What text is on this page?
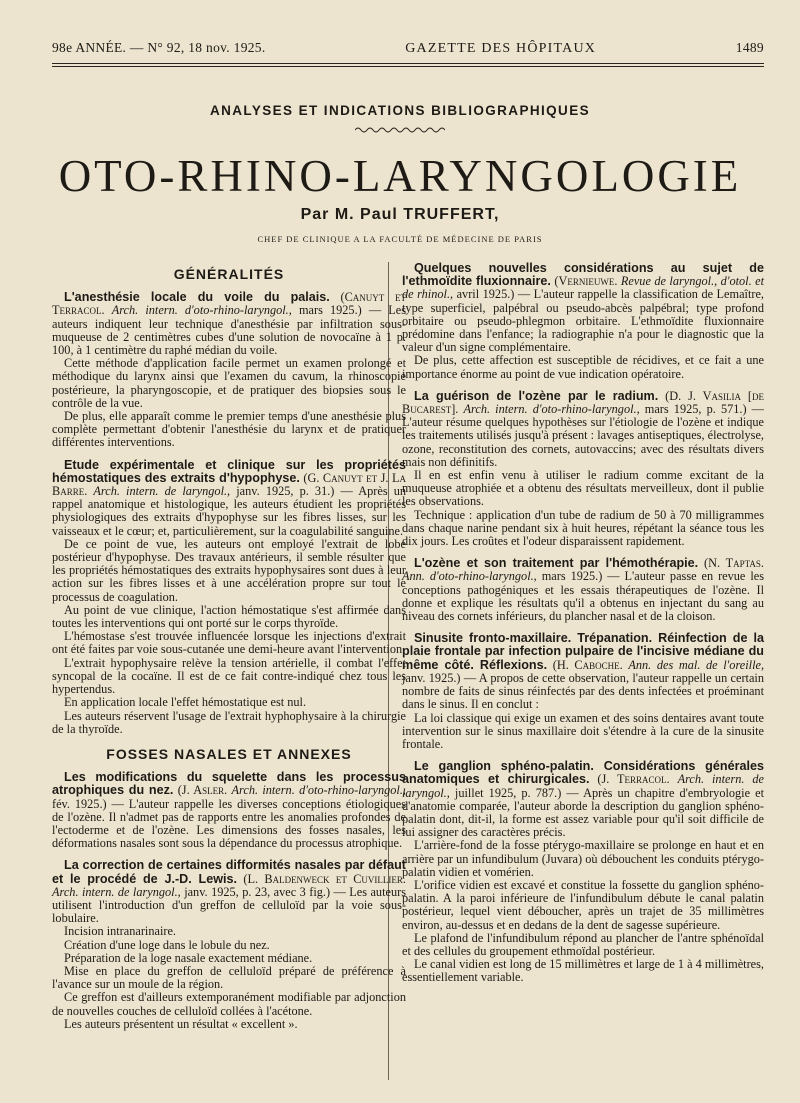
98e ANNÉE. — N° 92, 18 nov. 1925.	GAZETTE DES HÔPITAUX	1489
ANALYSES ET INDICATIONS BIBLIOGRAPHIQUES
OTO-RHINO-LARYNGOLOGIE
Par M. Paul TRUFFERT,
CHEF DE CLINIQUE A LA FACULTÉ DE MÉDECINE DE PARIS
GÉNÉRALITÉS

L'anesthésie locale du voile du palais. (Canuyt et Terracol. Arch. intern. d'oto-rhino-laryngol., mars 1925.) — Les auteurs indiquent leur technique d'anesthésie par infiltration sous-muqueuse de 2 centimètres cubes d'une solution de novocaïne à 1 p. 100, à 1 centimètre du raphé médian du voile.

Cette méthode d'application facile permet un examen prolongé et méthodique du larynx ainsi que l'examen du cavum, la rhinoscopie postérieure, la pharyngoscopie, et de pratiquer des biopsies sous le contrôle de la vue.

De plus, elle apparaît comme le premier temps d'une anesthésie plus complète permettant d'obtenir l'anesthésie du larynx et de pratiquer différentes interventions.

Etude expérimentale et clinique sur les propriétés hémostatiques des extraits d'hypophyse. (G. Canuyt et J. La Barre. Arch. intern. de laryngol., janv. 1925, p. 31.) — Après un rappel anatomique et histologique, les auteurs étudient les propriétés physiologiques des extraits d'hypophyse sur les fibres lisses, sur les vaisseaux et le cœur; et, particulièrement, sur la coagulabilité sanguine.

De ce point de vue, les auteurs ont employé l'extrait de lobe postérieur d'hypophyse. Des travaux antérieurs, il semble résulter que les propriétés hémostatiques des extraits hypophysaires sont dues à leur action sur les fibres lisses et à une accélération propre sur tout le processus de coagulation.

Au point de vue clinique, l'action hémostatique s'est affirmée dans toutes les interventions qui ont porté sur le corps thyroïde.

L'hémostase s'est trouvée influencée lorsque les injections d'extrait ont été faites par voie sous-cutanée une demi-heure avant l'intervention.

L'extrait hypophysaire relève la tension artérielle, il combat l'effet syncopal de la cocaïne. Il est de ce fait contre-indiqué chez tous les hypertendus.

En application locale l'effet hémostatique est nul.

Les auteurs réservent l'usage de l'extrait hyphophysaire à la chirurgie de la thyroïde.

FOSSES NASALES ET ANNEXES

Les modifications du squelette dans les processus atrophiques du nez. (J. Asler. Arch. intern. d'oto-rhino-laryngol., fév. 1925.) — L'auteur rappelle les diverses conceptions étiologiques de l'ozène. Il n'admet pas de rapports entre les anomalies profondes de l'ectoderme et de l'ozène. Les dimensions des fosses nasales, les déformations nasales sont sous la dépendance du processus atrophique.

La correction de certaines difformités nasales par défaut et le procédé de J.-D. Lewis. (L. Baldenweck et Cuvillier. Arch. intern. de laryngol., janv. 1925, p. 23, avec 3 fig.) — Les auteurs utilisent l'introduction d'un greffon de celluloïd par la voie sous-lobulaire.

Incision intranarinaire.

Création d'une loge dans le lobule du nez.

Préparation de la loge nasale exactement médiane.

Mise en place du greffon de celluloïd préparé de préférence à l'avance sur un moule de la région.

Ce greffon est d'ailleurs extemporanément modifiable par adjonction de nouvelles couches de celluloïd collées à l'acétone.

Les auteurs présentent un résultat « excellent ».

Quelques nouvelles considérations au sujet de l'ethmoïdite fluxionnaire. (Vernieuwe. Revue de laryngol., d'otol. et de rhinol., avril 1925.) — L'auteur rappelle la classification de Lemaître, type superficiel, palpébral ou pseudo-abcès palpébral; type profond orbitaire ou pseudo-phlegmon orbitaire. L'ethmoïdite fluxionnaire prédomine dans l'enfance; la radiographie n'a pour le diagnostic que la valeur d'un signe complémentaire.

De plus, cette affection est susceptible de récidives, et ce fait a une importance énorme au point de vue indication opératoire.

La guérison de l'ozène par le radium. (D. J. Vasilia [de Bucarest]. Arch. intern. d'oto-rhino-laryngol., mars 1925, p. 571.) — L'auteur résume quelques hypothèses sur l'étiologie de l'ozène et indique les traitements utilisés jusqu'à présent : lavages antiseptiques, électrolyse, ozone, reconstitution des cornets, autovaccins; avec des résultats divers mais non définitifs.

Il en est enfin venu à utiliser le radium comme excitant de la muqueuse atrophiée et a obtenu des résultats merveilleux, dont il publie les observations.

Technique : application d'un tube de radium de 50 à 70 milligrammes dans chaque narine pendant six à huit heures, répétant la séance tous les dix jours. Les croûtes et l'odeur disparaissent rapidement.

L'ozène et son traitement par l'hémothérapie. (N. Taptas. Ann. d'oto-rhino-laryngol., mars 1925.) — L'auteur passe en revue les conceptions pathogéniques et les essais thérapeutiques de l'ozène. Il donne et explique les résultats qu'il a obtenus en injectant du sang au niveau des cornets inférieurs, du plancher nasal et de la cloison.

Sinusite fronto-maxillaire. Trépanation. Réinfection de la plaie frontale par infection pulpaire de l'incisive médiane du même côté. Réflexions. (H. Caboche. Ann. des mal. de l'oreille, janv. 1925.) — A propos de cette observation, l'auteur rappelle un certain nombre de faits de sinus réinfectés par des dents infectées et proéminant dans le sinus. Il en conclut :

La loi classique qui exige un examen et des soins dentaires avant toute intervention sur le sinus maxillaire doit s'étendre à la cure de la sinusite frontale.

Le ganglion sphéno-palatin. Considérations générales anatomiques et chirurgicales. (J. Terracol. Arch. intern. de laryngol., juillet 1925, p. 787.) — Après un chapitre d'embryologie et d'anatomie comparée, l'auteur aborde la description du ganglion sphéno-palatin dont, dit-il, la forme est assez variable pour qu'il soit difficile de lui assigner des caractères précis.

L'arrière-fond de la fosse ptérygo-maxillaire se prolonge en haut et en arrière par un infundibulum (Juvara) où débouchent les conduits ptérygo-palatin vidien et vomérien.

L'orifice vidien est excavé et constitue la fossette du ganglion sphéno-palatin. A la paroi inférieure de l'infundibulum débute le canal palatin postérieur, lequel vient déboucher, après un trajet de 35 millimètres environ, au-dessus et en dedans de la dent de sagesse supérieure.

Le plafond de l'infundibulum répond au plancher de l'antre sphénoïdal et des cellules du groupement ethmoïdal postérieur.

Le canal vidien est long de 15 millimètres et large de 1 à 4 millimètres, essentiellement variable.
